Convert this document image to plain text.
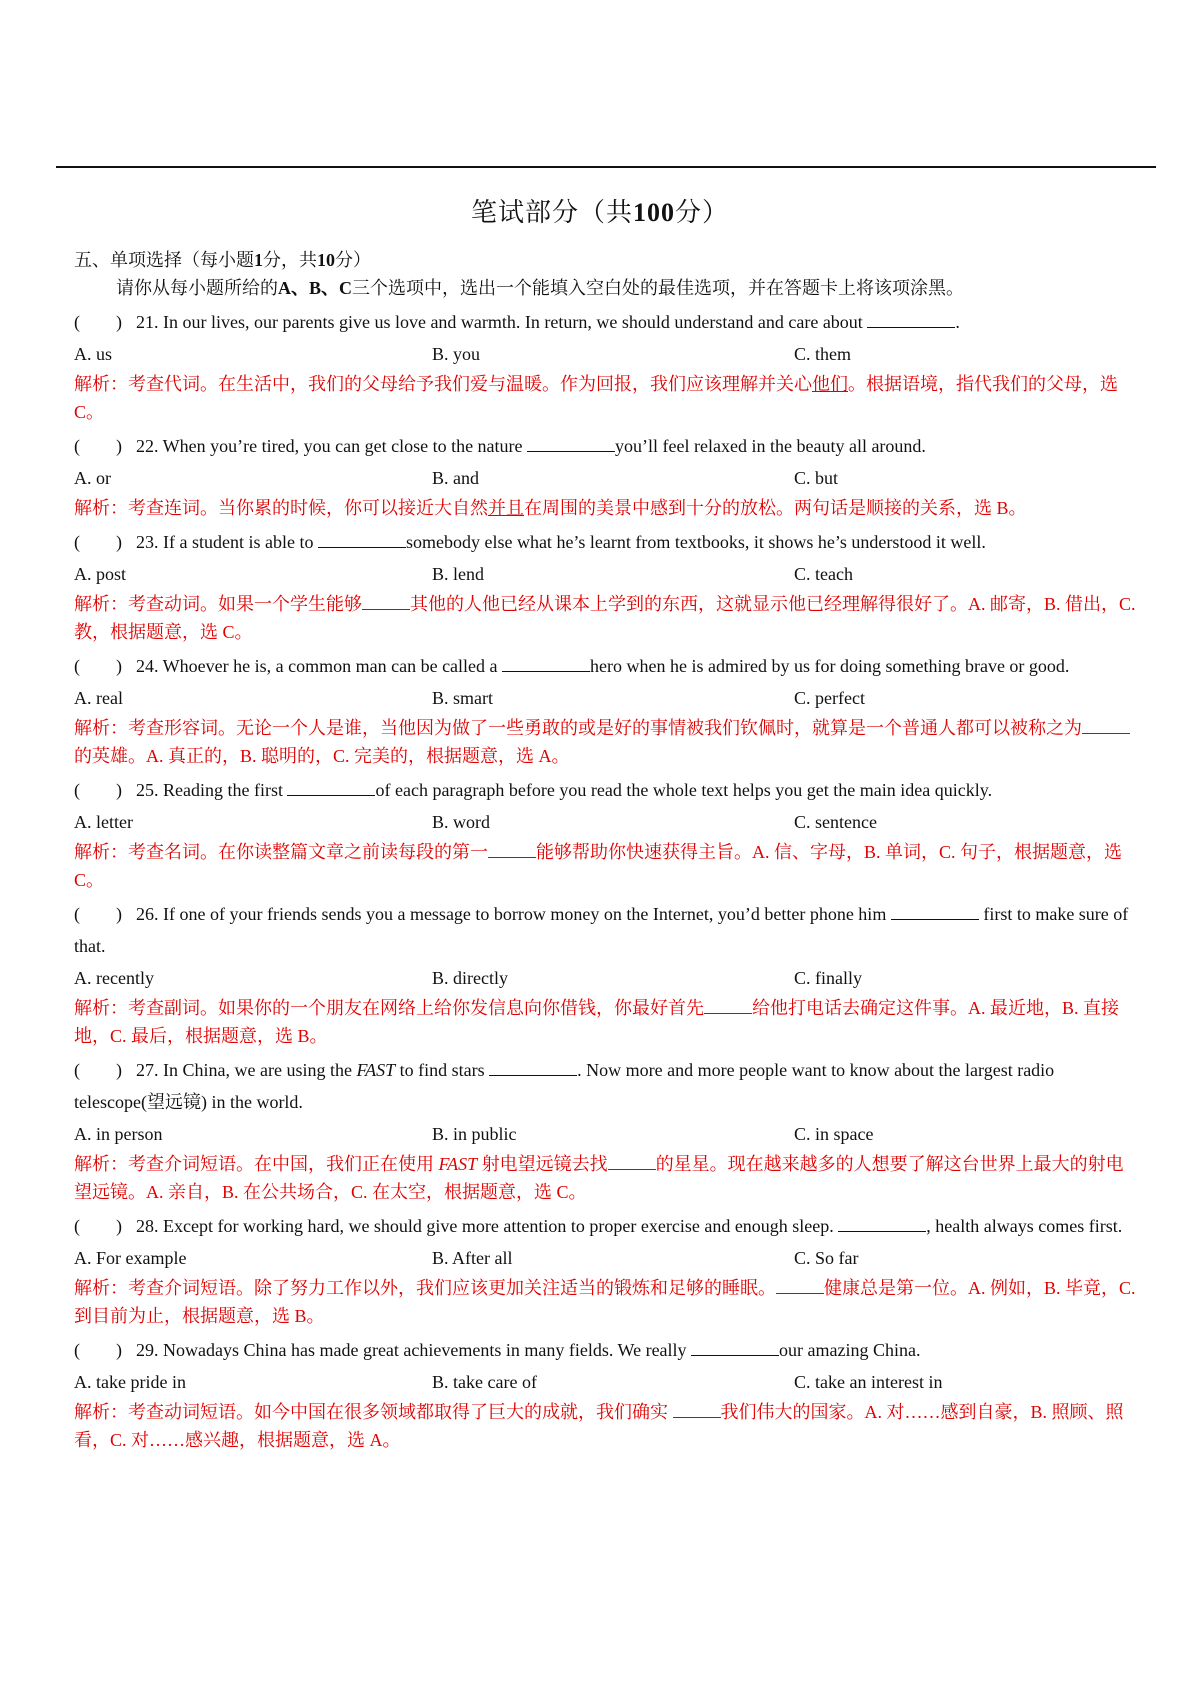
笔试部分（共100分）
五、单项选择（每小题1分，共10分）
请你从每小题所给的A、B、C三个选项中，选出一个能填入空白处的最佳选项，并在答题卡上将该项涂黑。
(　　) 21. In our lives, our parents give us love and warmth. In return, we should understand and care about	.
A. us	B. you	C. them
解析：考查代词。在生活中，我们的父母给予我们爱与温暖。作为回报，我们应该理解并关心他们。根据语境，指代我们的父母，选 C。
(　　) 22. When you’re tired, you can get close to the nature	you’ll feel relaxed in the beauty all around.
A. or	B. and	C. but
解析：考查连词。当你累的时候，你可以接近大自然并且在周围的美景中感到十分的放松。两句话是顺接的关系，选 B。
(　　) 23. If a student is able to	somebody else what he’s learnt from textbooks, it shows he’s understood it well.
A. post	B. lend	C. teach
解析：考查动词。如果一个学生能够	其他的人他已经从课本上学到的东西，这就显示他已经理解得很好了。A. 邮寄，B. 借出，C. 教，根据题意，选 C。
(　　) 24. Whoever he is, a common man can be called a	hero when he is admired by us for doing something brave or good.
A. real	B. smart	C. perfect
解析：考查形容词。无论一个人是谁，当他因为做了一些勇敢的或是好的事情被我们钦佩时，就算是一个普通人都可以被称之为的英雄。A. 真正的，B. 聪明的，C. 完美的，根据题意，选 A。
(　　) 25. Reading the first	of each paragraph before you read the whole text helps you get the main idea quickly.
A. letter	B. word	C. sentence
解析：考查名词。在你读整篇文章之前读每段的第一	能够帮助你快速获得主旨。A. 信、字母，B. 单词，C. 句子，根据题意，选 C。
(　　) 26. If one of your friends sends you a message to borrow money on the Internet, you’d better phone him	first to make sure of that.
A. recently	B. directly	C. finally
解析：考查副词。如果你的一个朋友在网络上给你发信息向你借钱，你最好首先	给他打电话去确定这件事。A. 最近地，B. 直接地，C. 最后，根据题意，选 B。
(　　) 27. In China, we are using the FAST to find stars	. Now more and more people want to know about the largest radio telescope(望远镜) in the world.
A. in person	B. in public	C. in space
解析：考查介词短语。在中国，我们正在使用 FAST 射电望远镜去找	的星星。现在越来越多的人想要了解这台世界上最大的射电望远镜。A. 亲自，B. 在公共场合，C. 在太空，根据题意，选 C。
(　　) 28. Except for working hard, we should give more attention to proper exercise and enough sleep.	, health always comes first.
A. For example	B. After all	C. So far
解析：考查介词短语。除了努力工作以外，我们应该更加关注适当的锻炼和足够的睡眠。	健康总是第一位。A. 例如，B. 毕竟，C.到目前为止，根据题意，选 B。
(　　) 29. Nowadays China has made great achievements in many fields. We really	our amazing China.
A. take pride in	B. take care of	C. take an interest in
解析：考查动词短语。如今中国在很多领域都取得了巨大的成就，我们确实	我们伟大的国家。A. 对……感到自豪，B. 照顾、照看，C. 对……感兴趣，根据题意，选 A。
